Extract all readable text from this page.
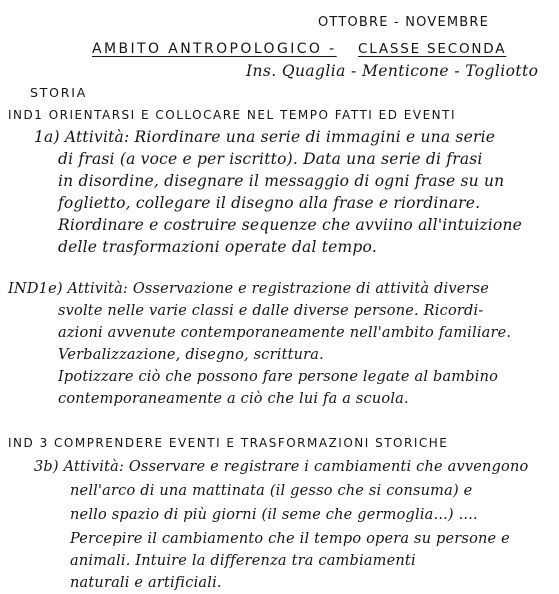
OTTOBRE - NOVEMBRE
AMBITO ANTROPOLOGICO - CLASSE SECONDA
Ins. Quaglia - Menticone - Togliotto
STORIA
IND1 ORIENTARSI E COLLOCARE NEL TEMPO FATTI ED EVENTI
1a) Attività: Riordinare una serie di immagini e una serie
di frasi (a voce e per iscritto). Data una serie di frasi
in disordine, disegnare il messaggio di ogni frase su un
foglietto, collegare il disegno alla frase e riordinare.
Riordinare e costruire sequenze che avviino all'intuizione
delle trasformazioni operate dal tempo.
IND1e) Attività: Osservazione e registrazione di attività diverse
svolte nelle varie classi e dalle diverse persone. Ricordi-
azioni avvenute contemporaneamente nell'ambito familiare.
Verbalizzazione, disegno, scrittura.
Ipotizzare ciò che possono fare persone legate al bambino
contemporaneamente a ciò che lui fa a scuola.
IND 3 COMPRENDERE EVENTI E TRASFORMAZIONI STORICHE
3b) Attività: Osservare e registrare i cambiamenti che avvengono
nell'arco di una mattinata (il gesso che si consuma) e
nello spazio di più giorni (il seme che germoglia...) ....
Percepire il cambiamento che il tempo opera su persone e
animali. Intuire la differenza tra cambiamenti
naturali e artificiali.
